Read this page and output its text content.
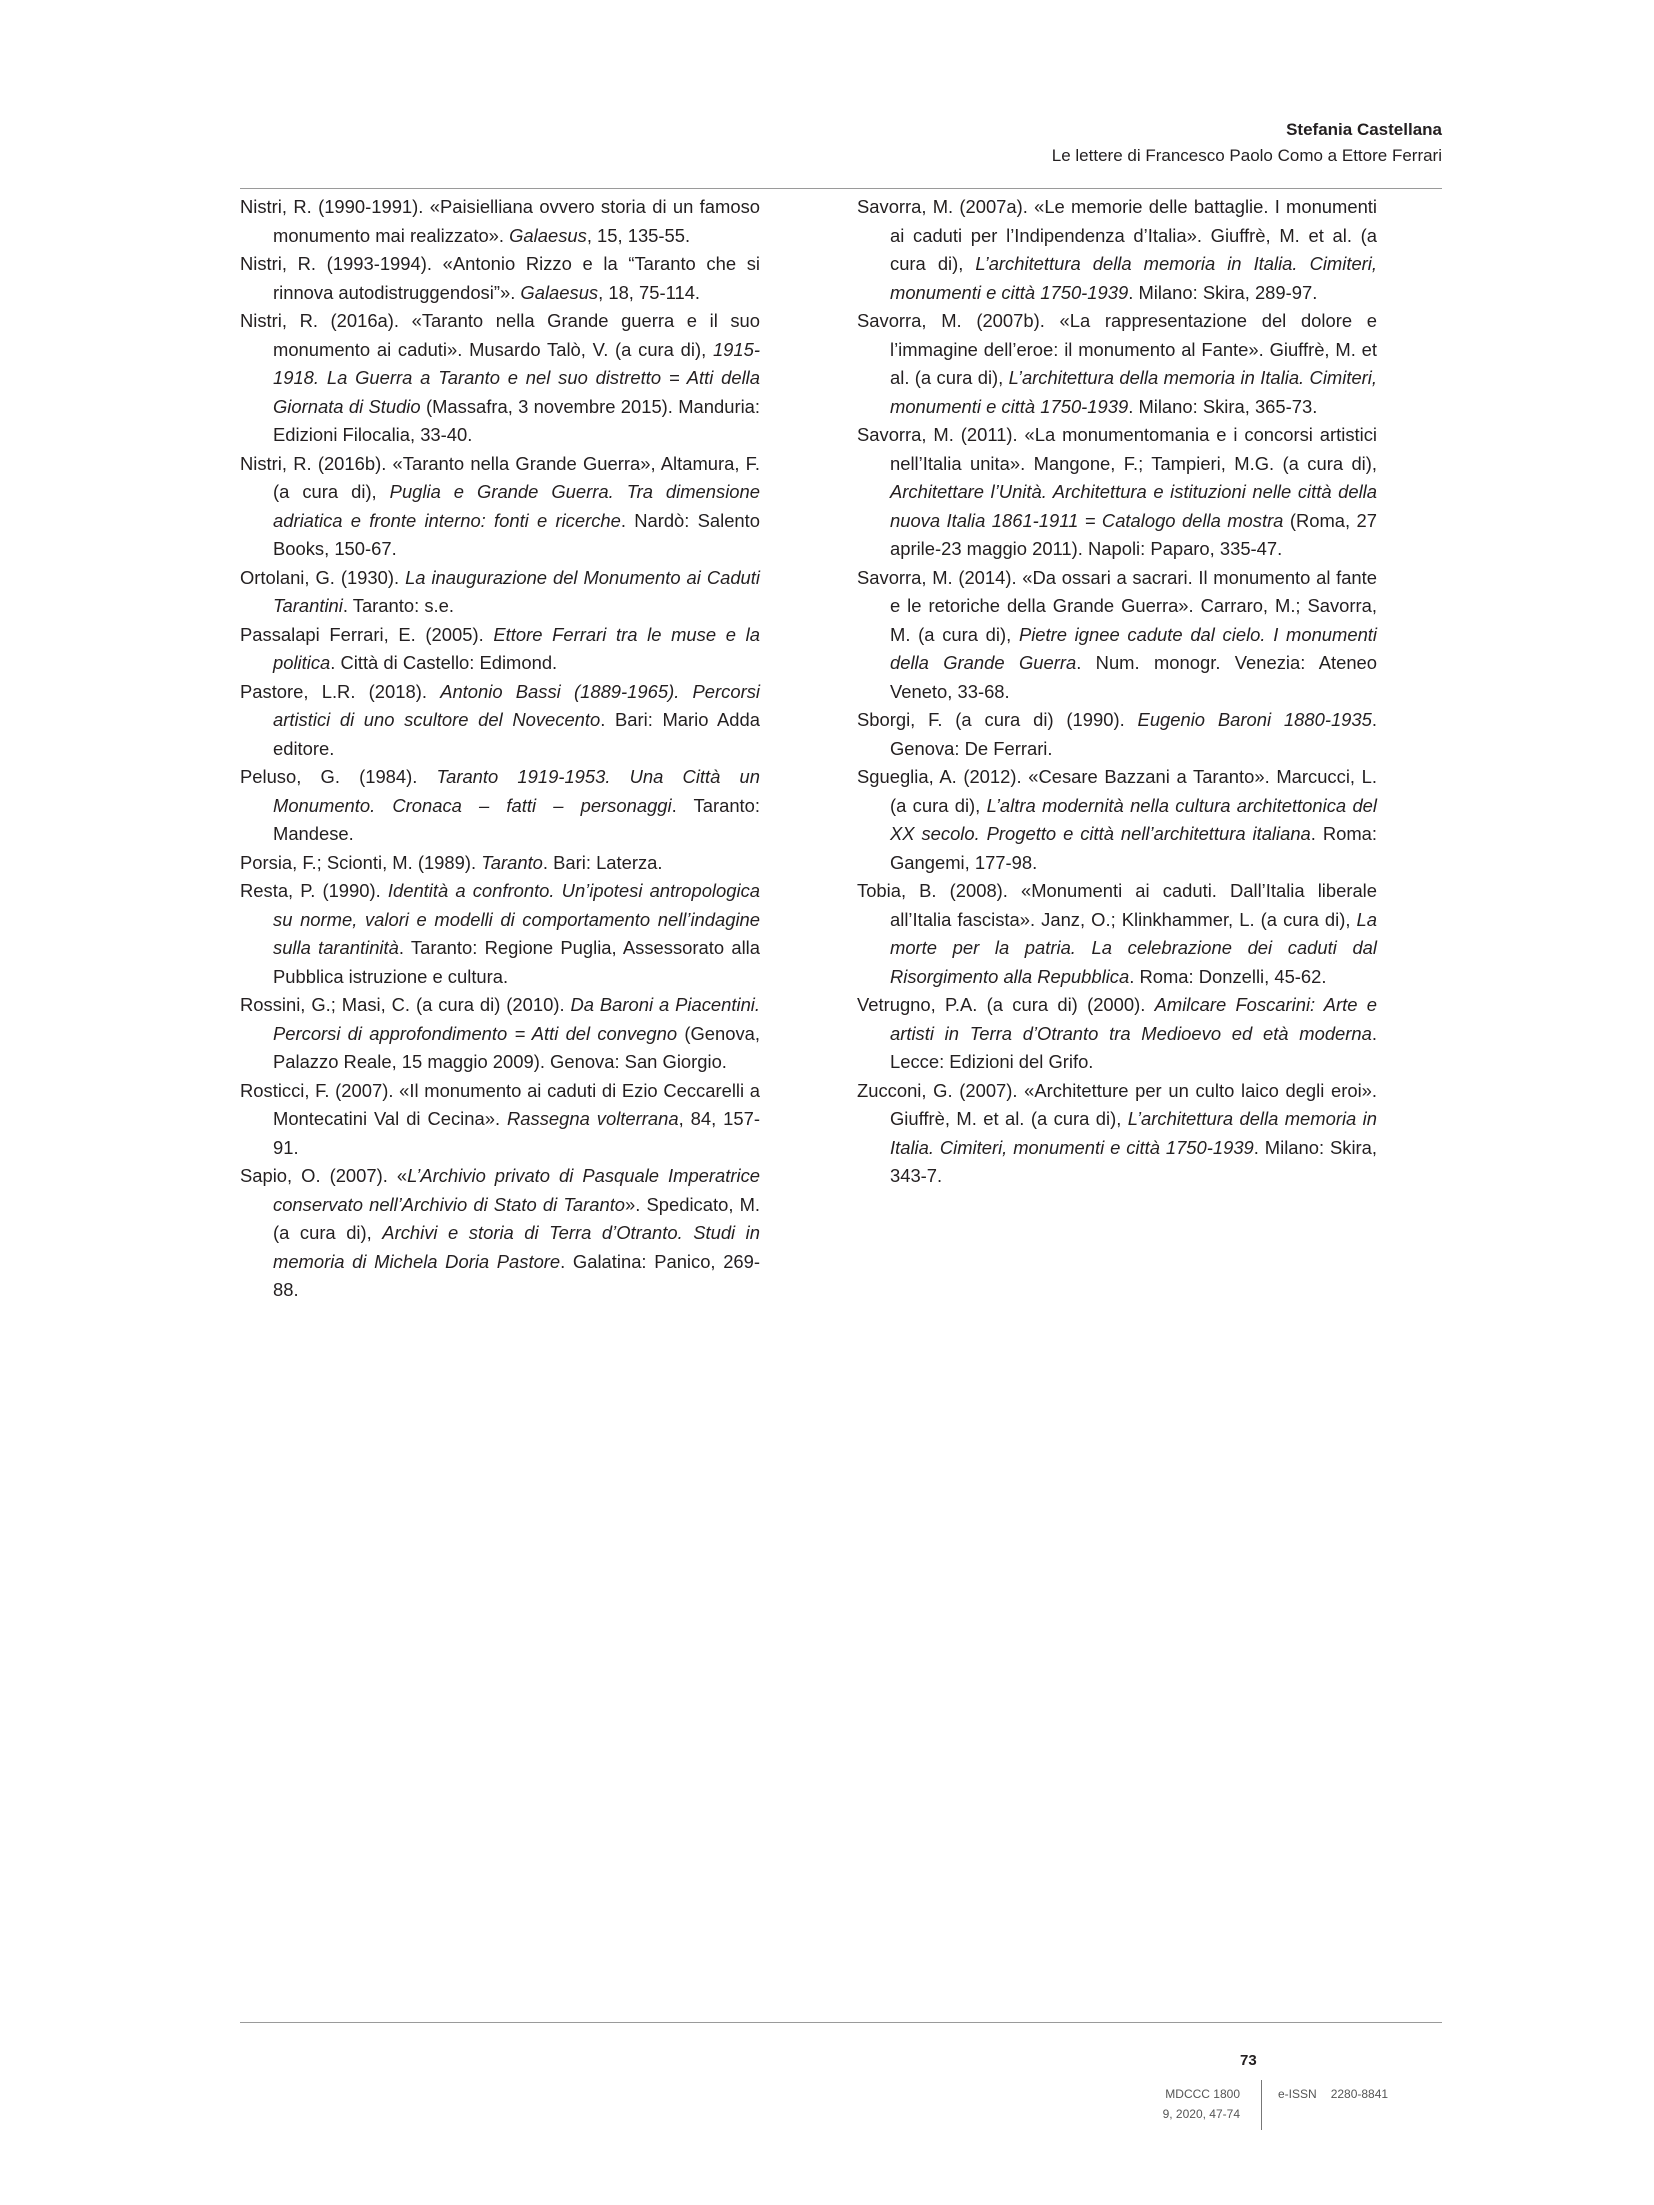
Stefania Castellana
Le lettere di Francesco Paolo Como a Ettore Ferrari

Nistri, R. (1990-1991). «Paisielliana ovvero storia di un famoso monumento mai realizzato». Galaesus, 15, 135-55.

Nistri, R. (1993-1994). «Antonio Rizzo e la “Taranto che si rinnova autodistruggendosi”». Galaesus, 18, 75-114.

Nistri, R. (2016a). «Taranto nella Grande guerra e il suo monumento ai caduti». Musardo Talò, V. (a cura di), 1915-1918. La Guerra a Taranto e nel suo distretto = Atti della Giornata di Studio (Massafra, 3 novembre 2015). Manduria: Edizioni Filocalia, 33-40.

Nistri, R. (2016b). «Taranto nella Grande Guerra», Altamura, F. (a cura di), Puglia e Grande Guerra. Tra dimensione adriatica e fronte interno: fonti e ricerche. Nardò: Salento Books, 150-67.

Ortolani, G. (1930). La inaugurazione del Monumento ai Caduti Tarantini. Taranto: s.e.

Passalapi Ferrari, E. (2005). Ettore Ferrari tra le muse e la politica. Città di Castello: Edimond.

Pastore, L.R. (2018). Antonio Bassi (1889-1965). Percorsi artistici di uno scultore del Novecento. Bari: Mario Adda editore.

Peluso, G. (1984). Taranto 1919-1953. Una Città un Monumento. Cronaca – fatti – personaggi. Taranto: Mandese.

Porsia, F.; Scionti, M. (1989). Taranto. Bari: Laterza.

Resta, P. (1990). Identità a confronto. Un’ipotesi antropologica su norme, valori e modelli di comportamento nell’indagine sulla tarantinità. Taranto: Regione Puglia, Assessorato alla Pubblica istruzione e cultura.

Rossini, G.; Masi, C. (a cura di) (2010). Da Baroni a Piacentini. Percorsi di approfondimento = Atti del convegno (Genova, Palazzo Reale, 15 maggio 2009). Genova: San Giorgio.

Rosticci, F. (2007). «Il monumento ai caduti di Ezio Ceccarelli a Montecatini Val di Cecina». Rassegna volterrana, 84, 157-91.

Sapio, O. (2007). «L’Archivio privato di Pasquale Imperatrice conservato nell’Archivio di Stato di Taranto». Spedicato, M. (a cura di), Archivi e storia di Terra d’Otranto. Studi in memoria di Michela Doria Pastore. Galatina: Panico, 269-88.

Savorra, M. (2007a). «Le memorie delle battaglie. I monumenti ai caduti per l’Indipendenza d’Italia». Giuffrè, M. et al. (a cura di), L’architettura della memoria in Italia. Cimiteri, monumenti e città 1750-1939. Milano: Skira, 289-97.

Savorra, M. (2007b). «La rappresentazione del dolore e l’immagine dell’eroe: il monumento al Fante». Giuffrè, M. et al. (a cura di), L’architettura della memoria in Italia. Cimiteri, monumenti e città 1750-1939. Milano: Skira, 365-73.

Savorra, M. (2011). «La monumentomania e i concorsi artistici nell’Italia unita». Mangone, F.; Tampieri, M.G. (a cura di), Architettare l’Unità. Architettura e istituzioni nelle città della nuova Italia 1861-1911 = Catalogo della mostra (Roma, 27 aprile-23 maggio 2011). Napoli: Paparo, 335-47.

Savorra, M. (2014). «Da ossari a sacrari. Il monumento al fante e le retoriche della Grande Guerra». Carraro, M.; Savorra, M. (a cura di), Pietre ignee cadute dal cielo. I monumenti della Grande Guerra. Num. monogr. Venezia: Ateneo Veneto, 33-68.

Sborgi, F. (a cura di) (1990). Eugenio Baroni 1880-1935. Genova: De Ferrari.

Sgueglia, A. (2012). «Cesare Bazzani a Taranto». Marcucci, L. (a cura di), L’altra modernità nella cultura architettonica del XX secolo. Progetto e città nell’architettura italiana. Roma: Gangemi, 177-98.

Tobia, B. (2008). «Monumenti ai caduti. Dall’Italia liberale all’Italia fascista». Janz, O.; Klinkhammer, L. (a cura di), La morte per la patria. La celebrazione dei caduti dal Risorgimento alla Repubblica. Roma: Donzelli, 45-62.

Vetrugno, P.A. (a cura di) (2000). Amilcare Foscarini: Arte e artisti in Terra d’Otranto tra Medioevo ed età moderna. Lecce: Edizioni del Grifo.

Zucconi, G. (2007). «Architetture per un culto laico degli eroi». Giuffrè, M. et al. (a cura di), L’architettura della memoria in Italia. Cimiteri, monumenti e città 1750-1939. Milano: Skira, 343-7.

73
MDCCC 1800
9, 2020, 47-74
e-ISSN 2280-8841
